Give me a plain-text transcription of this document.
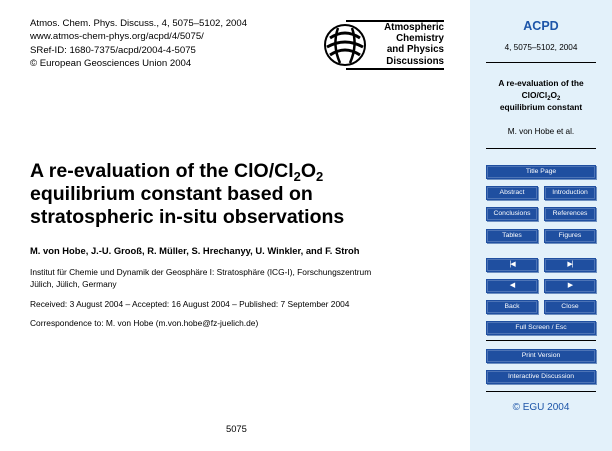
Atmos. Chem. Phys. Discuss., 4, 5075–5102, 2004
www.atmos-chem-phys.org/acpd/4/5075/
SRef-ID: 1680-7375/acpd/2004-4-5075
© European Geosciences Union 2004
Atmospheric
Chemistry
and Physics
Discussions
A re-evaluation of the ClO/$Cl_2O_2$
equilibrium constant based on
stratospheric in-situ observations
M. von Hobe, J.-U. Grooß, R. Müller, S. Hrechanyy, U. Winkler, and F. Stroh
Institut für Chemie und Dynamik der Geosphäre I: Stratosphäre (ICG-I), Forschungszentrum
Jülich, Jülich, Germany
Received: 3 August 2004 – Accepted: 16 August 2004 – Published: 7 September 2004
Correspondence to: M. von Hobe (m.von.hobe@fz-juelich.de)
5075
ACPD
4, 5075–5102, 2004
A re-evaluation of the
ClO/$Cl_2O_2$
equilibrium constant
M. von Hobe et al.
Title Page
Abstract	Introduction
Conclusions	References
Tables	Figures
|◀	▶|
◀	▶
Back	Close
Full Screen / Esc
Print Version
Interactive Discussion
© EGU 2004
